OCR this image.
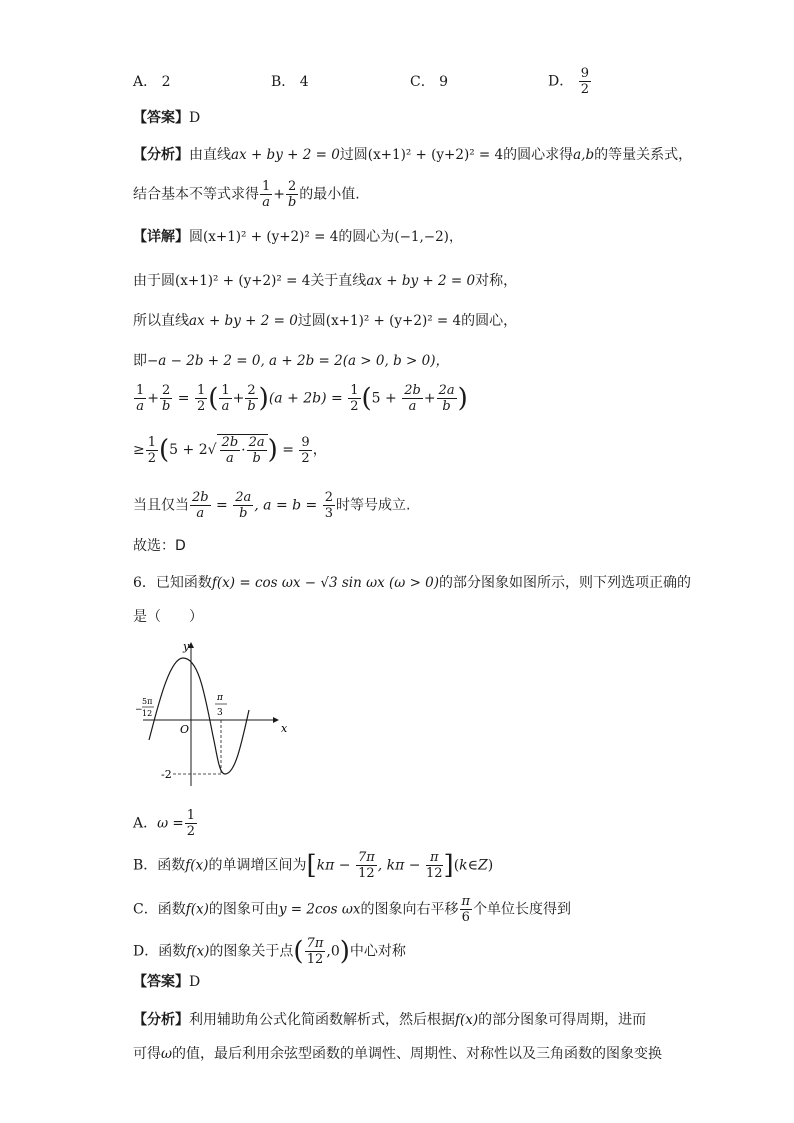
A． 2	B． 4	C． 9	D． $\frac{9}{2}$
【答案】D
【分析】由直线ax + by + 2 = 0过圆(x+1)² + (y+2)² = 4的圆心求得a,b的等量关系式，
结合基本不等式求得 $\frac{1}{a} + \frac{2}{b}$ 的最小值.
【详解】圆(x+1)² + (y+2)² = 4的圆心为(−1,−2)，
由于圆(x+1)² + (y+2)² = 4关于直线ax + by + 2 = 0对称，
所以直线ax + by + 2 = 0过圆(x+1)² + (y+2)² = 4的圆心，
即−a − 2b + 2 = 0, a + 2b = 2(a > 0, b > 0)，
$\frac{1}{a} + \frac{2}{b} = \frac{1}{2}$ ( $\frac{1}{a} + \frac{2}{b} )(a + 2b) = \frac{1}{2} (5 + \frac{2b}{a} + \frac{2a}{b}$ )
≥ $\frac{1}{2} (5 + 2√ \frac{2b}{a} \cdot \frac{2a}{b}$ ) = $\frac{9}{2}$ ，
当且仅当 $\frac{2b}{a} = \frac{2a}{b}$ , $a = b = \frac{2}{3}$ 时等号成立.
故选：D
6．已知函数f(x) = cos ωx − √3 sin ωx (ω > 0)的部分图象如图所示，则下列选项正确的
是（　　）
y
x
O
−
5π
12
π
3
-2
A．$\omega = \frac{1}{2}$
B．函数f(x)的单调增区间为[$k\pi - \frac{7\pi}{12}$ , $k\pi - \frac{\pi}{12}$ ](k∈Z)
C．函数f(x)的图象可由y = 2cos ωx的图象向右平移 $\frac{\pi}{6}$ 个单位长度得到
D．函数f(x)的图象关于点( $\frac{7\pi}{12} ,0$)中心对称
【答案】D
【分析】利用辅助角公式化简函数解析式，然后根据f(x)的部分图象可得周期，进而
可得ω的值，最后利用余弦型函数的单调性、周期性、对称性以及三角函数的图象变换
